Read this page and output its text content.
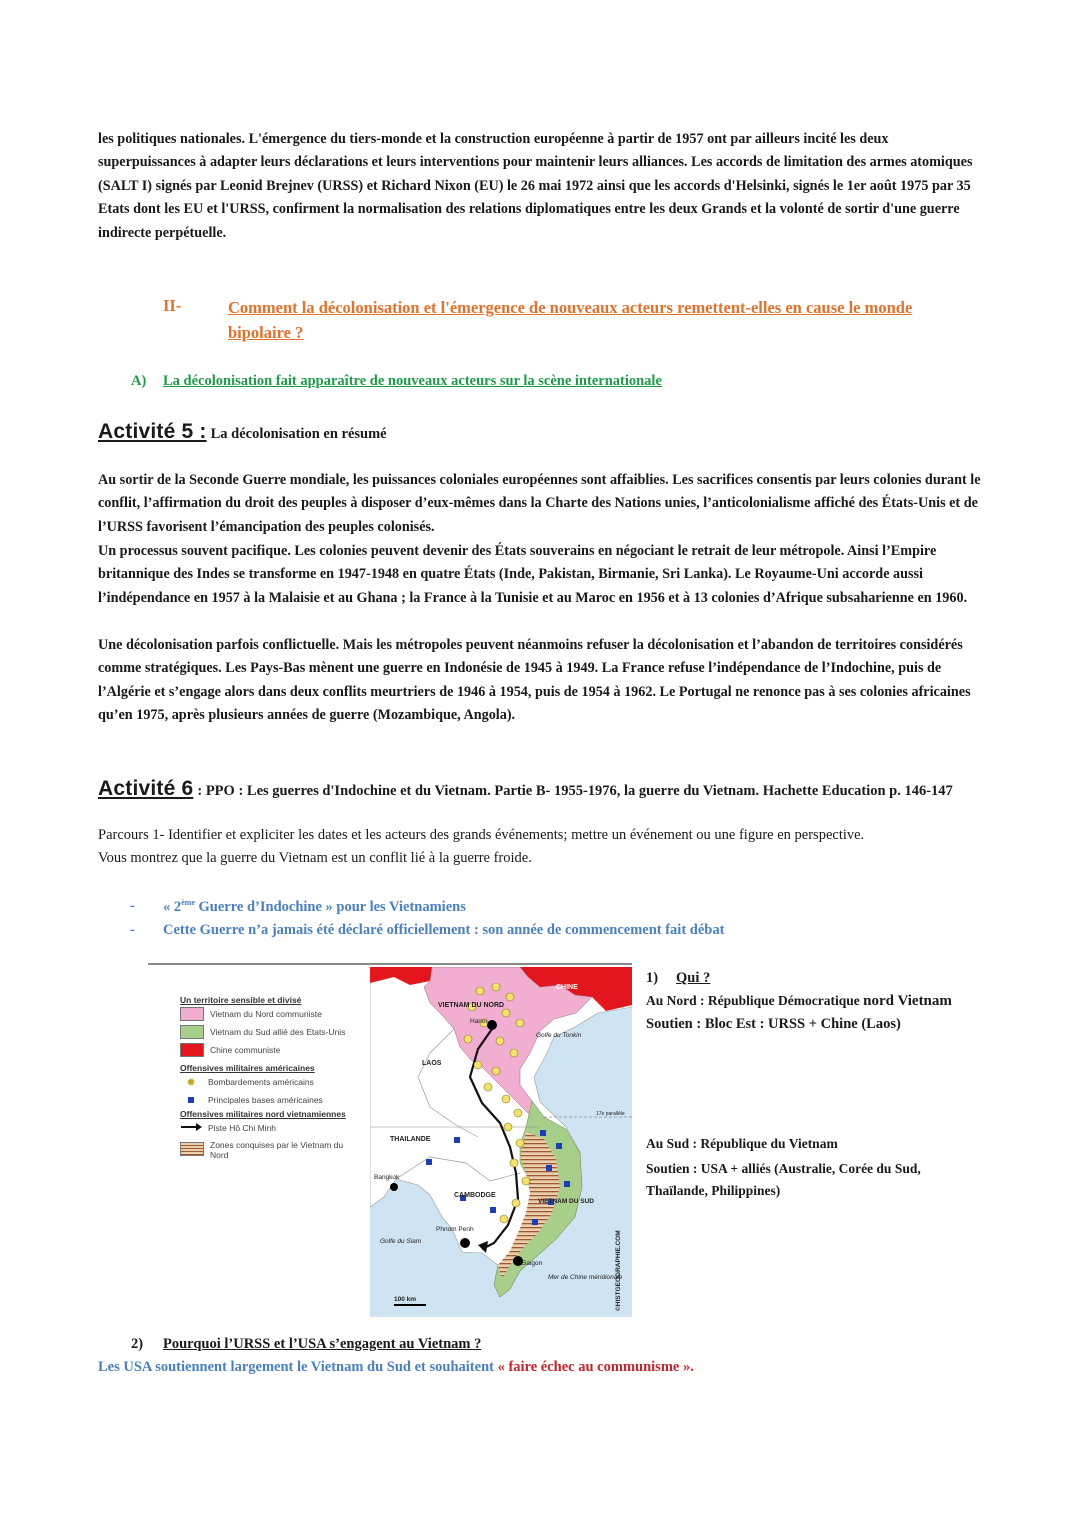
les politiques nationales. L'émergence du tiers-monde et la construction européenne à partir de 1957 ont par ailleurs incité les deux superpuissances à adapter leurs déclarations et leurs interventions pour maintenir leurs alliances. Les accords de limitation des armes atomiques (SALT I) signés par Leonid Brejnev (URSS) et Richard Nixon (EU) le 26 mai 1972 ainsi que les accords d'Helsinki, signés le 1er août 1975 par 35 Etats dont les EU et l'URSS, confirment la normalisation des relations diplomatiques entre les deux Grands et la volonté de sortir d'une guerre indirecte perpétuelle.

II-	Comment la décolonisation et l'émergence de nouveaux acteurs remettent-elles en cause le monde bipolaire ?
A) La décolonisation fait apparaître de nouveaux acteurs sur la scène internationale
Activité 5 : La décolonisation en résumé

Au sortir de la Seconde Guerre mondiale, les puissances coloniales européennes sont affaiblies. Les sacrifices consentis par leurs colonies durant le conflit, l’affirmation du droit des peuples à disposer d’eux-mêmes dans la Charte des Nations unies, l’anticolonialisme affiché des États-Unis et de l’URSS favorisent l’émancipation des peuples colonisés.

Un processus souvent pacifique. Les colonies peuvent devenir des États souverains en négociant le retrait de leur métropole. Ainsi l’Empire britannique des Indes se transforme en 1947-1948 en quatre États (Inde, Pakistan, Birmanie, Sri Lanka). Le Royaume-Uni accorde aussi l’indépendance en 1957 à la Malaisie et au Ghana ; la France à la Tunisie et au Maroc en 1956 et à 13 colonies d’Afrique subsaharienne en 1960.

Une décolonisation parfois conflictuelle. Mais les métropoles peuvent néanmoins refuser la décolonisation et l’abandon de territoires considérés comme stratégiques. Les Pays-Bas mènent une guerre en Indonésie de 1945 à 1949. La France refuse l’indépendance de l’Indochine, puis de l’Algérie et s’engage alors dans deux conflits meurtriers de 1946 à 1954, puis de 1954 à 1962. Le Portugal ne renonce pas à ses colonies africaines qu’en 1975, après plusieurs années de guerre (Mozambique, Angola).

Activité 6 : PPO : Les guerres d'Indochine et du Vietnam. Partie B- 1955-1976, la guerre du Vietnam. Hachette Education p. 146-147

Parcours 1- Identifier et expliciter les dates et les acteurs des grands événements; mettre un événement ou une figure en perspective.

Vous montrez que la guerre du Vietnam est un conflit lié à la guerre froide.

- « 2ème Guerre d’Indochine » pour les Vietnamiens
- Cette Guerre n’a jamais été déclaré officiellement : son année de commencement fait débat
Un territoire sensible et divisé
Vietnam du Nord communiste
Vietnam du Sud allié des Etats-Unis
Chine communiste
Offensives militaires américaines
✹	Bombardements américains
Principales bases américaines
Offensives militaires nord vietnamiennes
Piste Hô Chi Minh
Zones conquises par le Vietnam du Nord
CHINE
VIETNAM DU NORD
Hanoi
Golfe du Tonkin
LAOS
17e parallèle
THAILANDE
Bangkok
CAMBODGE
VIETNAM DU SUD
Phnom Penh
Golfe du Siam
Saigon
Mer de Chine méridionale
100 km	©HISTGEOGRAPHIE.COM
1) Qui ?
Au Nord : République Démocratique nord Vietnam
Soutien : Bloc Est : URSS + Chine (Laos)
Au Sud : République du Vietnam
Soutien : USA + alliés (Australie, Corée du Sud, Thaïlande, Philippines)
2) Pourquoi l’URSS et l’USA s’engagent au Vietnam ?
Les USA soutiennent largement le Vietnam du Sud et souhaitent « faire échec au communisme ».
